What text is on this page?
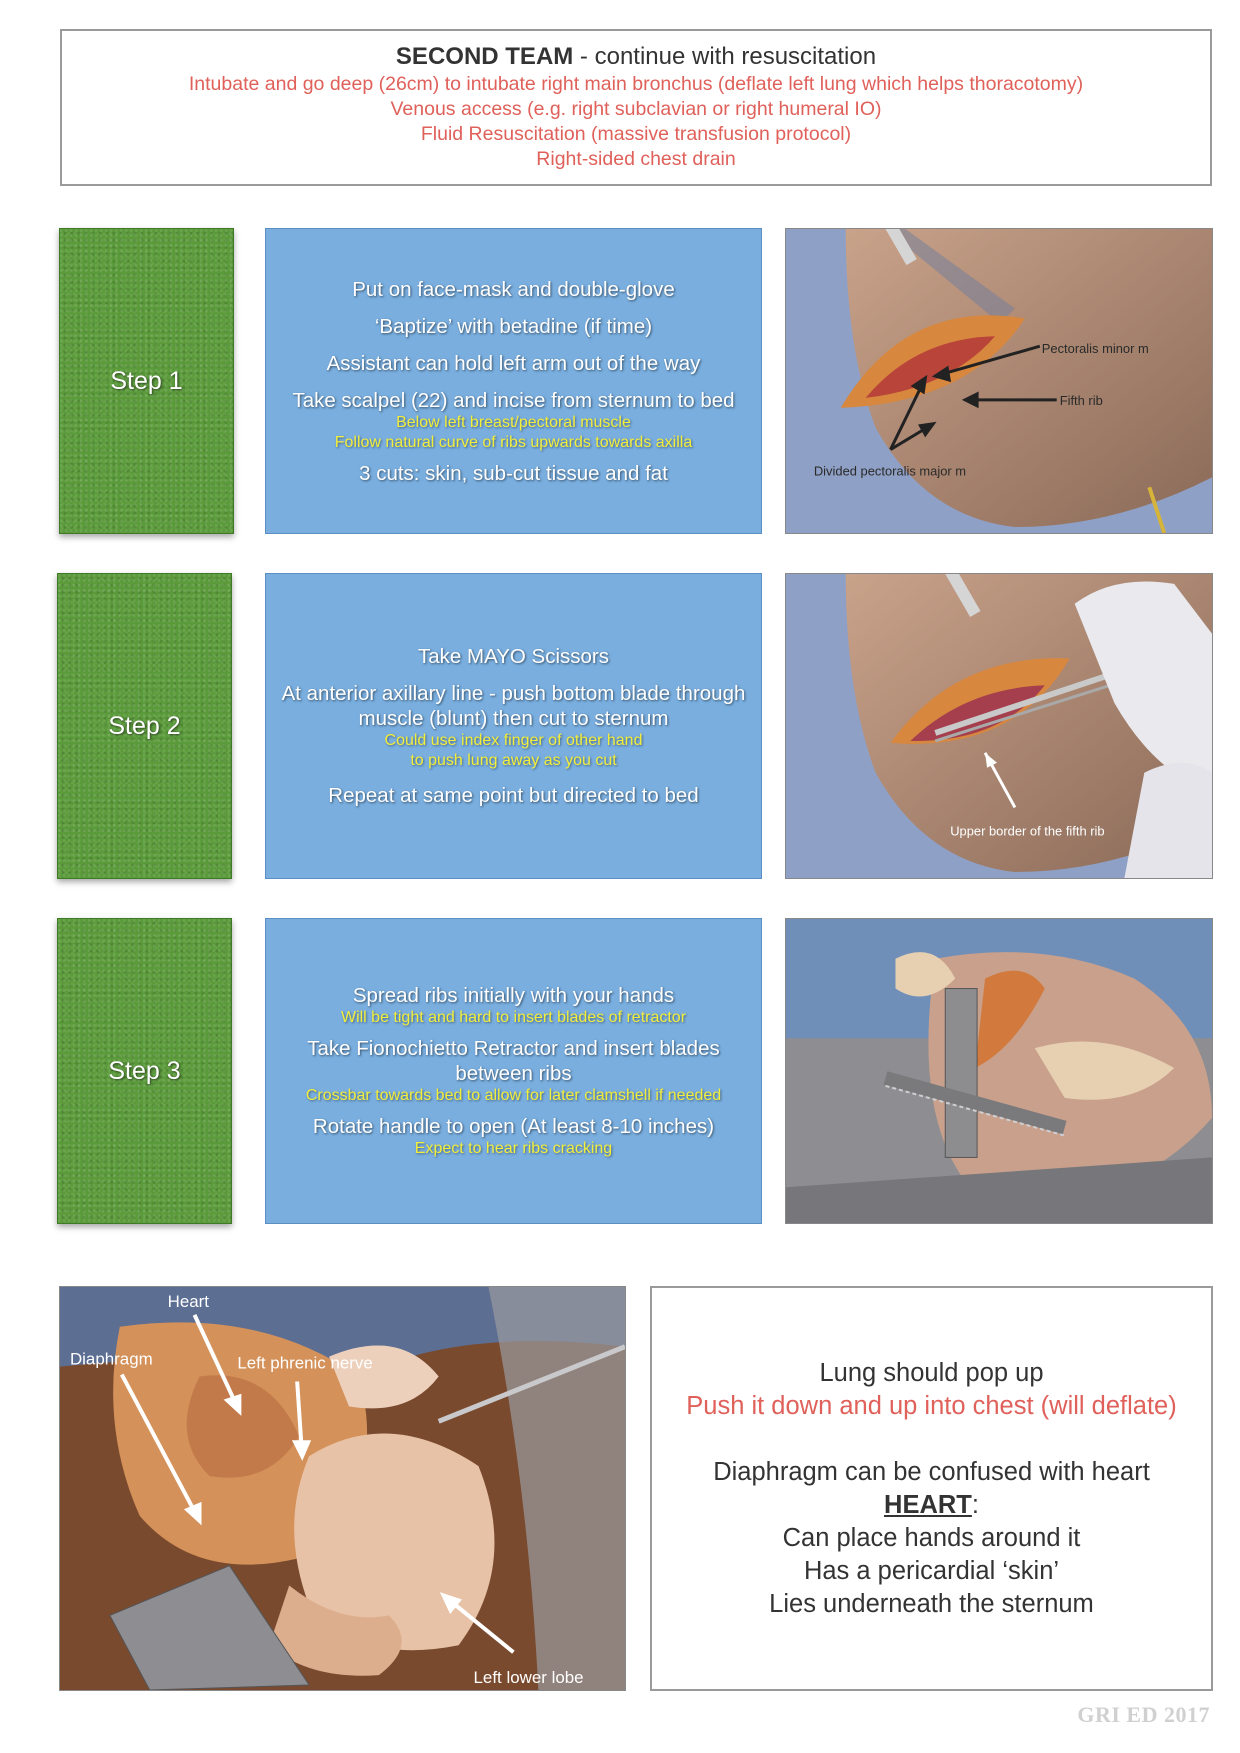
SECOND TEAM - continue with resuscitation
Intubate and go deep (26cm) to intubate right main bronchus (deflate left lung which helps thoracotomy)
Venous access (e.g. right subclavian or right humeral IO)
Fluid Resuscitation (massive transfusion protocol)
Right-sided chest drain
Step 1
Put on face-mask and double-glove
‘Baptize’ with betadine (if time)
Assistant can hold left arm out of the way
Take scalpel (22) and incise from sternum to bed
Below left breast/pectoral muscle
Follow natural curve of ribs upwards towards axilla
3 cuts: skin, sub-cut tissue and fat
Pectoralis minor m
Fifth rib
Divided pectoralis major m
Step 2
Take MAYO Scissors
At anterior axillary line - push bottom blade through
muscle (blunt) then cut to sternum
Could use index finger of other hand
to push lung away as you cut
Repeat at same point but directed to bed
Upper border of the fifth rib
Step 3
Spread ribs initially with your hands
Will be tight and hard to insert blades of retractor
Take Fionochietto Retractor and insert blades
between ribs
Crossbar towards bed to allow for later clamshell if needed
Rotate handle to open (At least 8-10 inches)
Expect to hear ribs cracking
Heart
Diaphragm	Left phrenic nerve
Left lower lobe
Lung should pop up
Push it down and up into chest (will deflate)
Diaphragm can be confused with heart
HEART:
Can place hands around it
Has a pericardial ‘skin’
Lies underneath the sternum
GRI ED 2017
